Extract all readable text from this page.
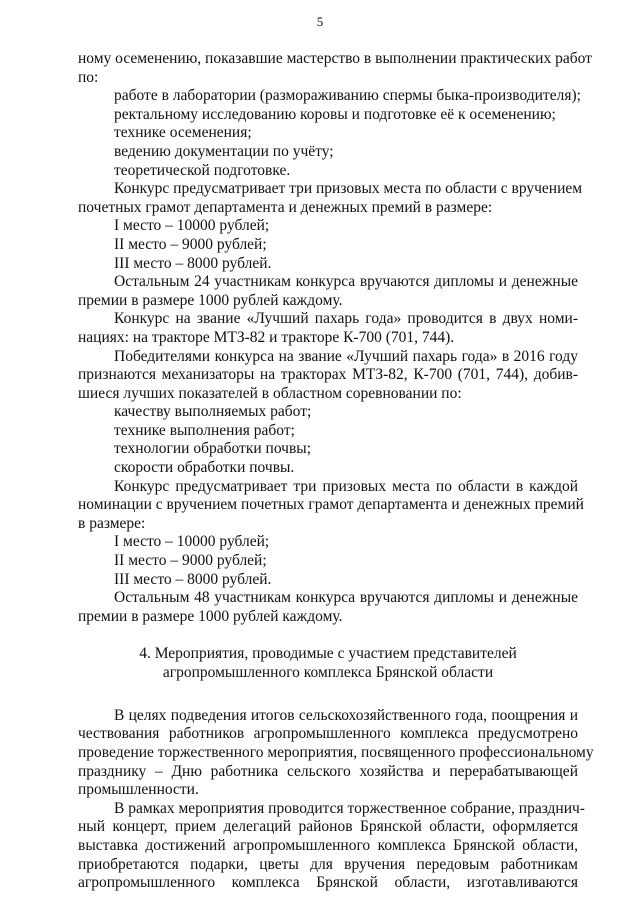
5
ному осеменению, показавшие мастерство в выполнении практических работ
по:
работе в лаборатории (размораживанию спермы быка-производителя);
ректальному исследованию коровы и подготовке её к осеменению;
технике осеменения;
ведению документации по учёту;
теоретической подготовке.
Конкурс предусматривает три призовых места по области с вручением
почетных грамот департамента и денежных премий в размере:
I место – 10000 рублей;
II место – 9000 рублей;
III место – 8000 рублей.
Остальным 24 участникам конкурса вручаются дипломы и денежные
премии в размере 1000 рублей каждому.
Конкурс на звание «Лучший пахарь года» проводится в двух номи-
нациях: на тракторе МТЗ-82 и тракторе К-700 (701, 744).
Победителями конкурса на звание «Лучший пахарь года» в 2016 году
признаются механизаторы на тракторах МТЗ-82, К-700 (701, 744), добив-
шиеся лучших показателей в областном соревновании по:
качеству выполняемых работ;
технике выполнения работ;
технологии обработки почвы;
скорости обработки почвы.
Конкурс предусматривает три призовых места по области в каждой
номинации с вручением почетных грамот департамента и денежных премий
в размере:
I место – 10000 рублей;
II место – 9000 рублей;
III место – 8000 рублей.
Остальным 48 участникам конкурса вручаются дипломы и денежные
премии в размере 1000 рублей каждому.
4. Мероприятия, проводимые с участием представителей
агропромышленного комплекса Брянской области
В целях подведения итогов сельскохозяйственного года, поощрения и
чествования работников агропромышленного комплекса предусмотрено
проведение торжественного мероприятия, посвященного профессиональному
празднику – Дню работника сельского хозяйства и перерабатывающей
промышленности.
В рамках мероприятия проводится торжественное собрание, празднич-
ный концерт, прием делегаций районов Брянской области, оформляется
выставка достижений агропромышленного комплекса Брянской области,
приобретаются подарки, цветы для вручения передовым работникам
агропромышленного комплекса Брянской области, изготавливаются
